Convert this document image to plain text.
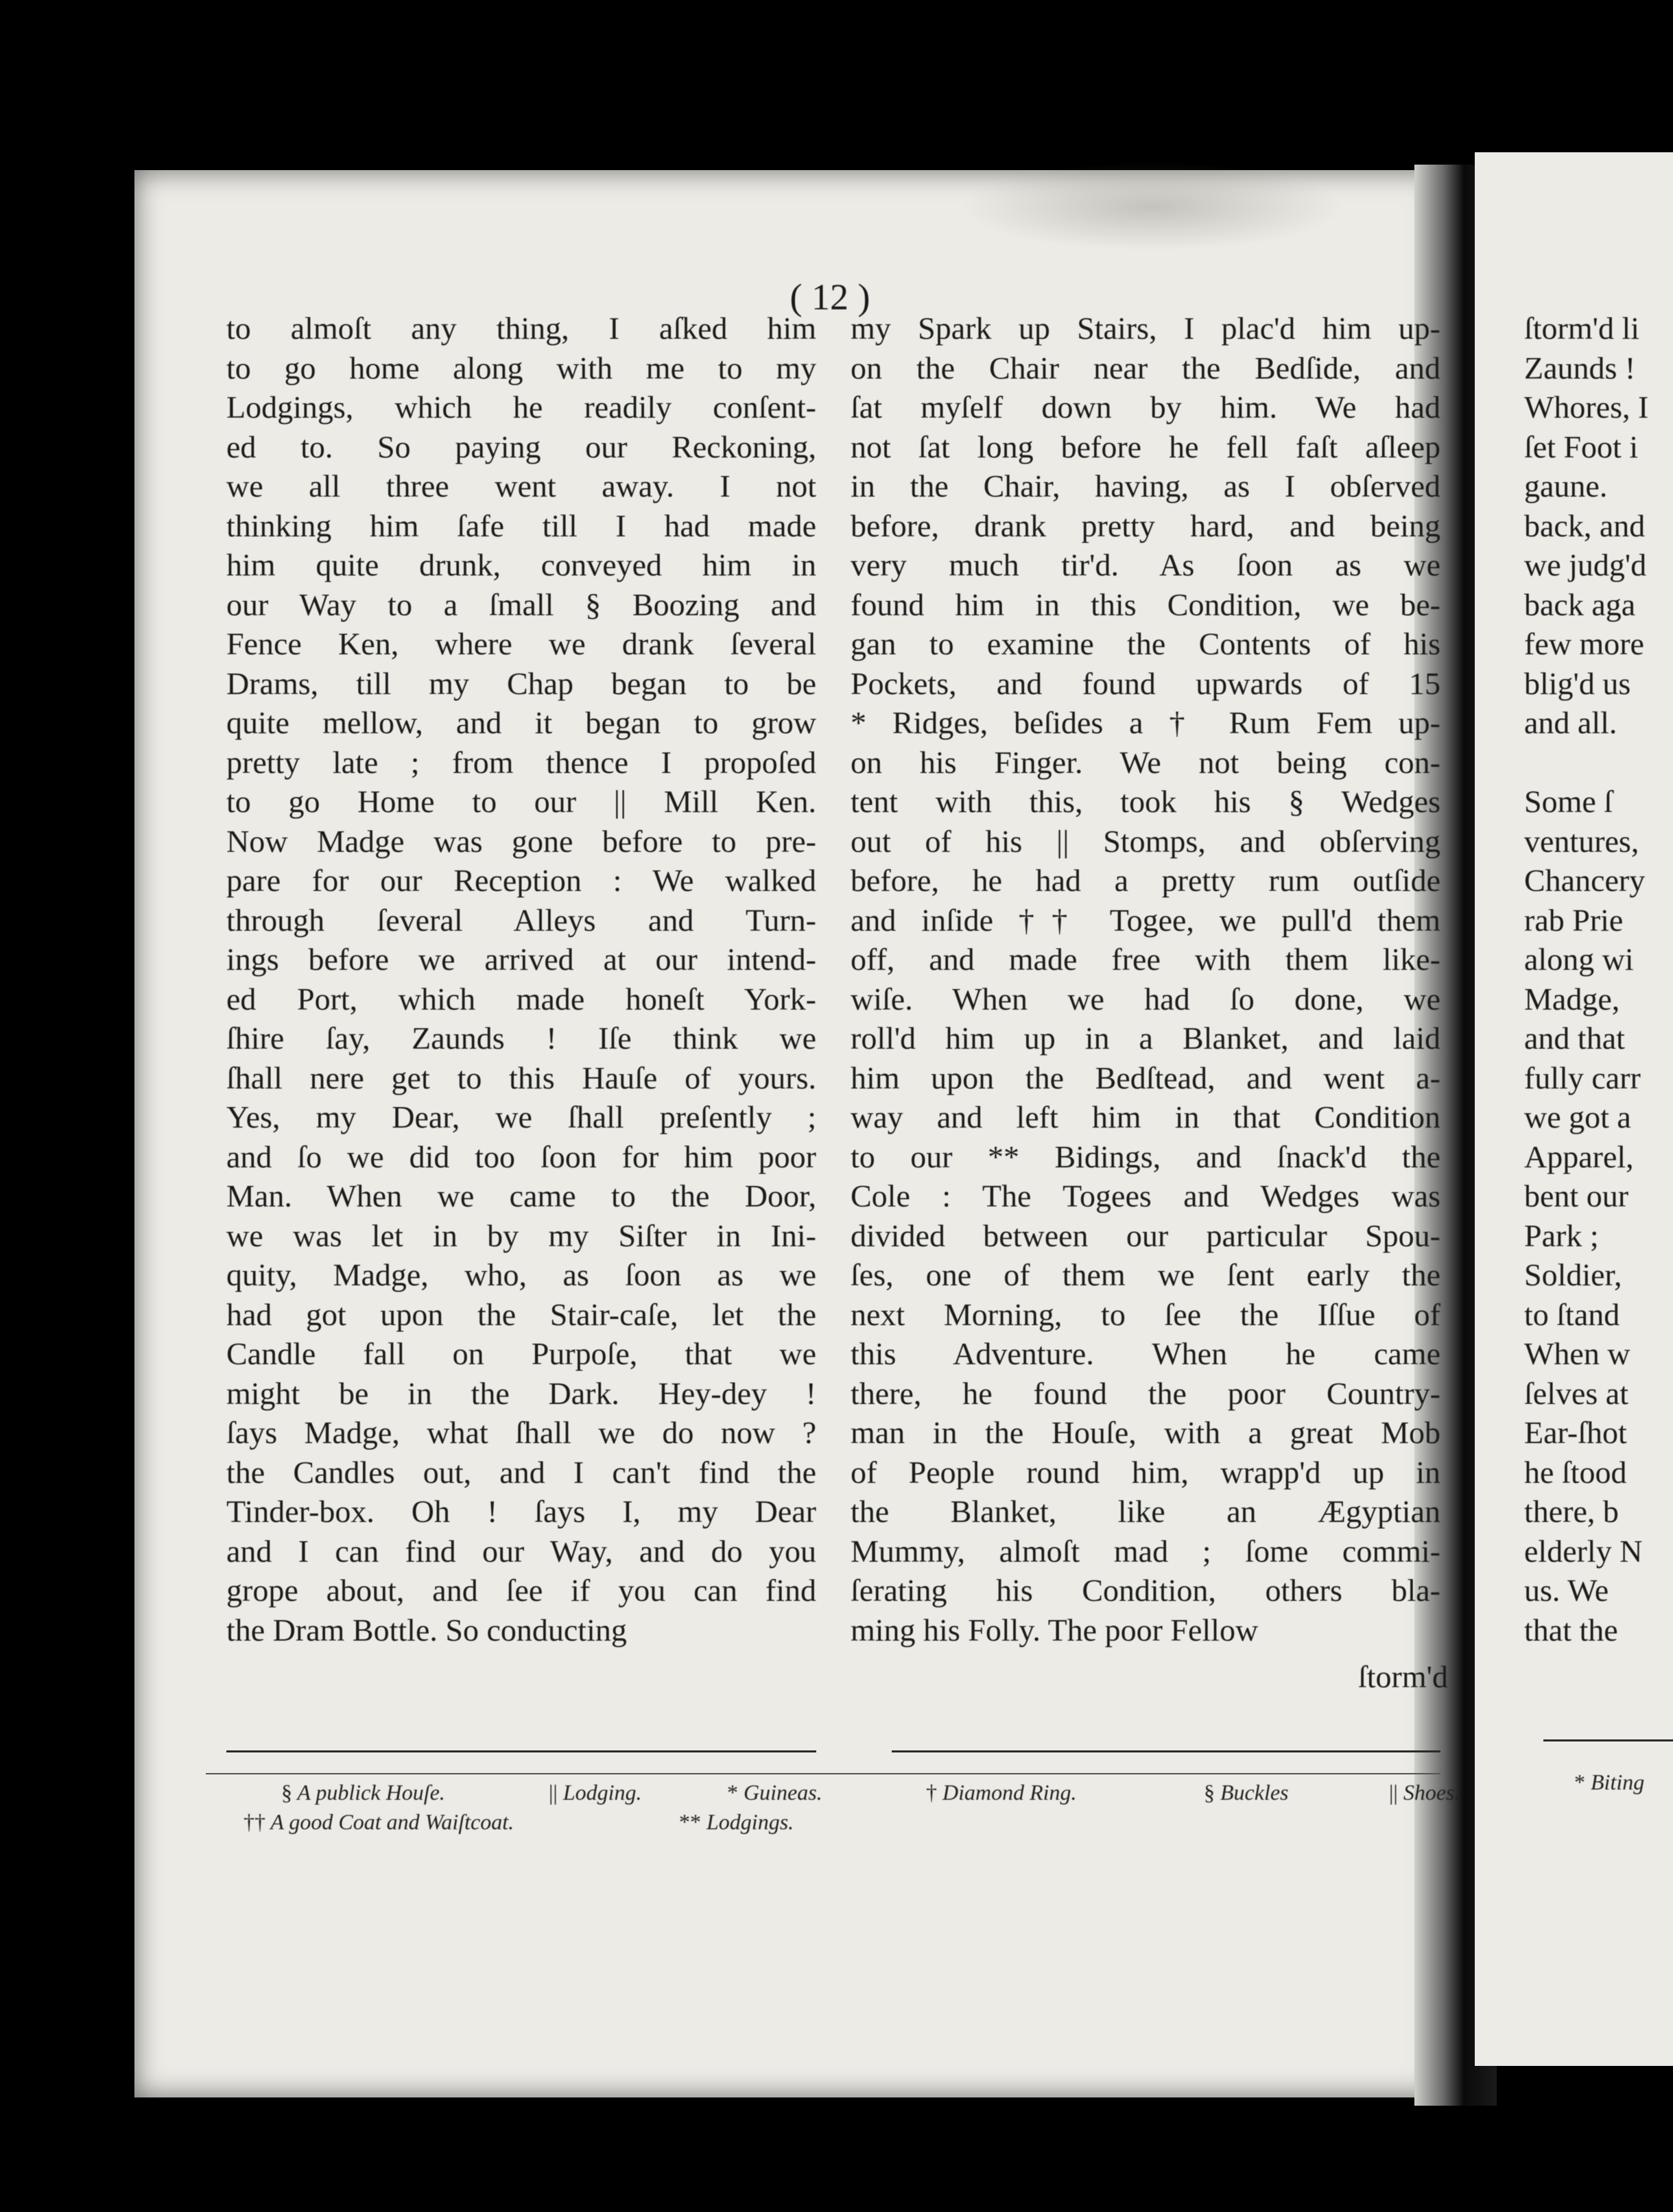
( 12 )
to almoſt any thing, I aſked him
to go home along with me to my
Lodgings, which he readily conſent-
ed to. So paying our Reckoning,
we all three went away. I not
thinking him ſafe till I had made
him quite drunk, conveyed him in
our Way to a ſmall § Boozing and
Fence Ken, where we drank ſeveral
Drams, till my Chap began to be
quite mellow, and it began to grow
pretty late ; from thence I propoſed
to go Home to our || Mill Ken.
Now Madge was gone before to pre-
pare for our Reception : We walked
through ſeveral Alleys and Turn-
ings before we arrived at our intend-
ed Port, which made honeſt York-
ſhire ſay, Zaunds ! Iſe think we
ſhall nere get to this Hauſe of yours.
Yes, my Dear, we ſhall preſently ;
and ſo we did too ſoon for him poor
Man. When we came to the Door,
we was let in by my Siſter in Ini-
quity, Madge, who, as ſoon as we
had got upon the Stair-caſe, let the
Candle fall on Purpoſe, that we
might be in the Dark. Hey-dey !
ſays Madge, what ſhall we do now ?
the Candles out, and I can't find the
Tinder-box. Oh ! ſays I, my Dear
and I can find our Way, and do you
grope about, and ſee if you can find
the Dram Bottle. So conducting
my Spark up Stairs, I plac'd him up-
on the Chair near the Bedſide, and
ſat myſelf down by him. We had
not ſat long before he fell faſt aſleep
in the Chair, having, as I obſerved
before, drank pretty hard, and being
very much tir'd. As ſoon as we
found him in this Condition, we be-
gan to examine the Contents of his
Pockets, and found upwards of 15
* Ridges, beſides a † Rum Fem up-
on his Finger. We not being con-
tent with this, took his § Wedges
out of his || Stomps, and obſerving
before, he had a pretty rum outſide
and inſide †† Togee, we pull'd them
off, and made free with them like-
wiſe. When we had ſo done, we
roll'd him up in a Blanket, and laid
him upon the Bedſtead, and went a-
way and left him in that Condition
to our ** Bidings, and ſnack'd the
Cole : The Togees and Wedges was
divided between our particular Spou-
ſes, one of them we ſent early the
next Morning, to ſee the Iſſue of
this Adventure. When he came
there, he found the poor Country-
man in the Houſe, with a great Mob
of People round him, wrapp'd up in
the Blanket, like an Ægyptian
Mummy, almoſt mad ; ſome commi-
ſerating his Condition, others bla-
ming his Folly. The poor Fellow
ſtorm'd li
Zaunds !
Whores, I
ſet Foot i
gaune.
back, and
we judg'd
back aga
few more
blig'd us
and all.
Some ſ
ventures,
Chancery
rab Prie
along wi
Madge,
and that
fully carr
we got a
Apparel,
bent our
Park ;
Soldier,
to ſtand
When w
ſelves at
Ear-ſhot
he ſtood
there, b
elderly N
us. We
that the
ſtorm'd
§ A publick Houſe.	|| Lodging.	* Guineas.	† Diamond Ring.	§ Buckles	|| Shoes.
†† A good Coat and Waiſtcoat.	** Lodgings.
* Biting
